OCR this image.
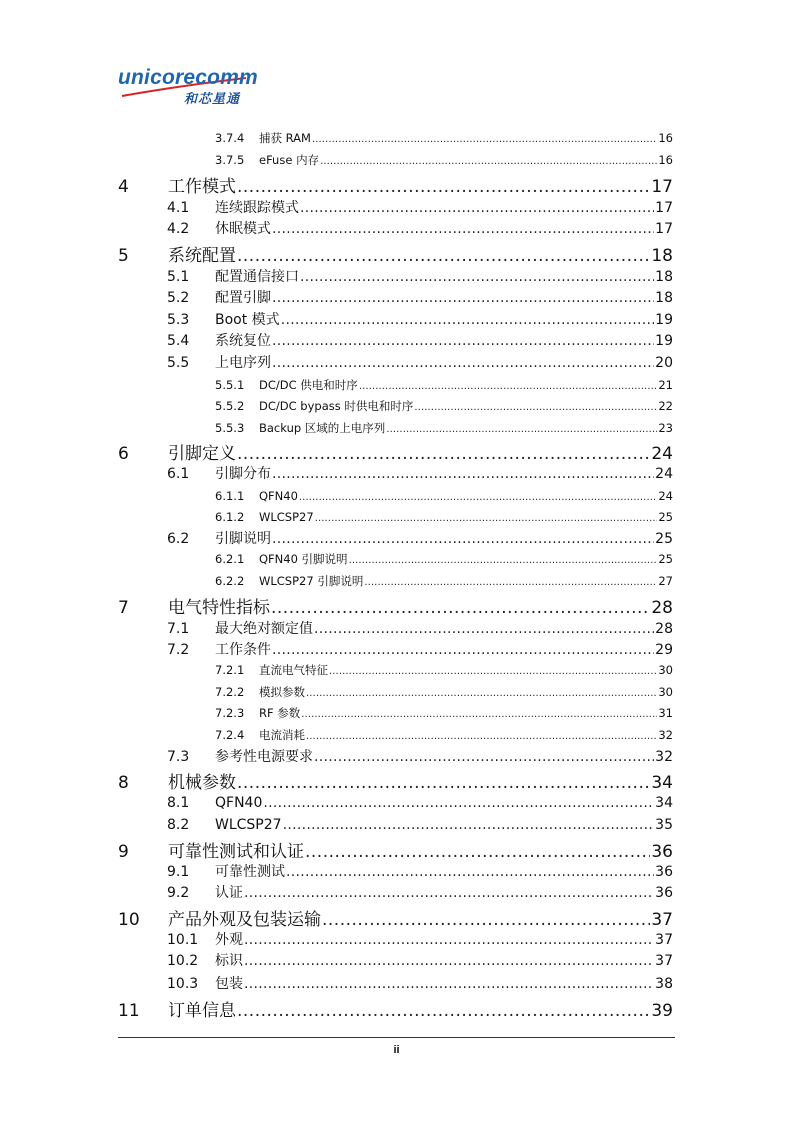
unicorecomm
和芯星通
3.7.4	捕获 RAM .....	16
3.7.5	eFuse 内存 .....	16
4	工作模式 .....	17
4.1	连续跟踪模式 .....	17
4.2	休眠模式 .....	17
5	系统配置 .....	18
5.1	配置通信接口 .....	18
5.2	配置引脚 .....	18
5.3	Boot 模式 .....	19
5.4	系统复位 .....	19
5.5	上电序列 .....	20
5.5.1	DC/DC 供电和时序 .....	21
5.5.2	DC/DC bypass 时供电和时序 .....	22
5.5.3	Backup 区域的上电序列 .....	23
6	引脚定义 .....	24
6.1	引脚分布 .....	24
6.1.1	QFN40 .....	24
6.1.2	WLCSP27 .....	25
6.2	引脚说明 .....	25
6.2.1	QFN40 引脚说明 .....	25
6.2.2	WLCSP27 引脚说明 .....	27
7	电气特性指标 .....	28
7.1	最大绝对额定值 .....	28
7.2	工作条件 .....	29
7.2.1	直流电气特征 .....	30
7.2.2	模拟参数 .....	30
7.2.3	RF 参数 .....	31
7.2.4	电流消耗 .....	32
7.3	参考性电源要求 .....	32
8	机械参数 .....	34
8.1	QFN40 .....	34
8.2	WLCSP27 .....	35
9	可靠性测试和认证 .....	36
9.1	可靠性测试 .....	36
9.2	认证 .....	36
10	产品外观及包装运输 .....	37
10.1	外观 .....	37
10.2	标识 .....	37
10.3	包装 .....	38
11	订单信息 .....	39
ii
